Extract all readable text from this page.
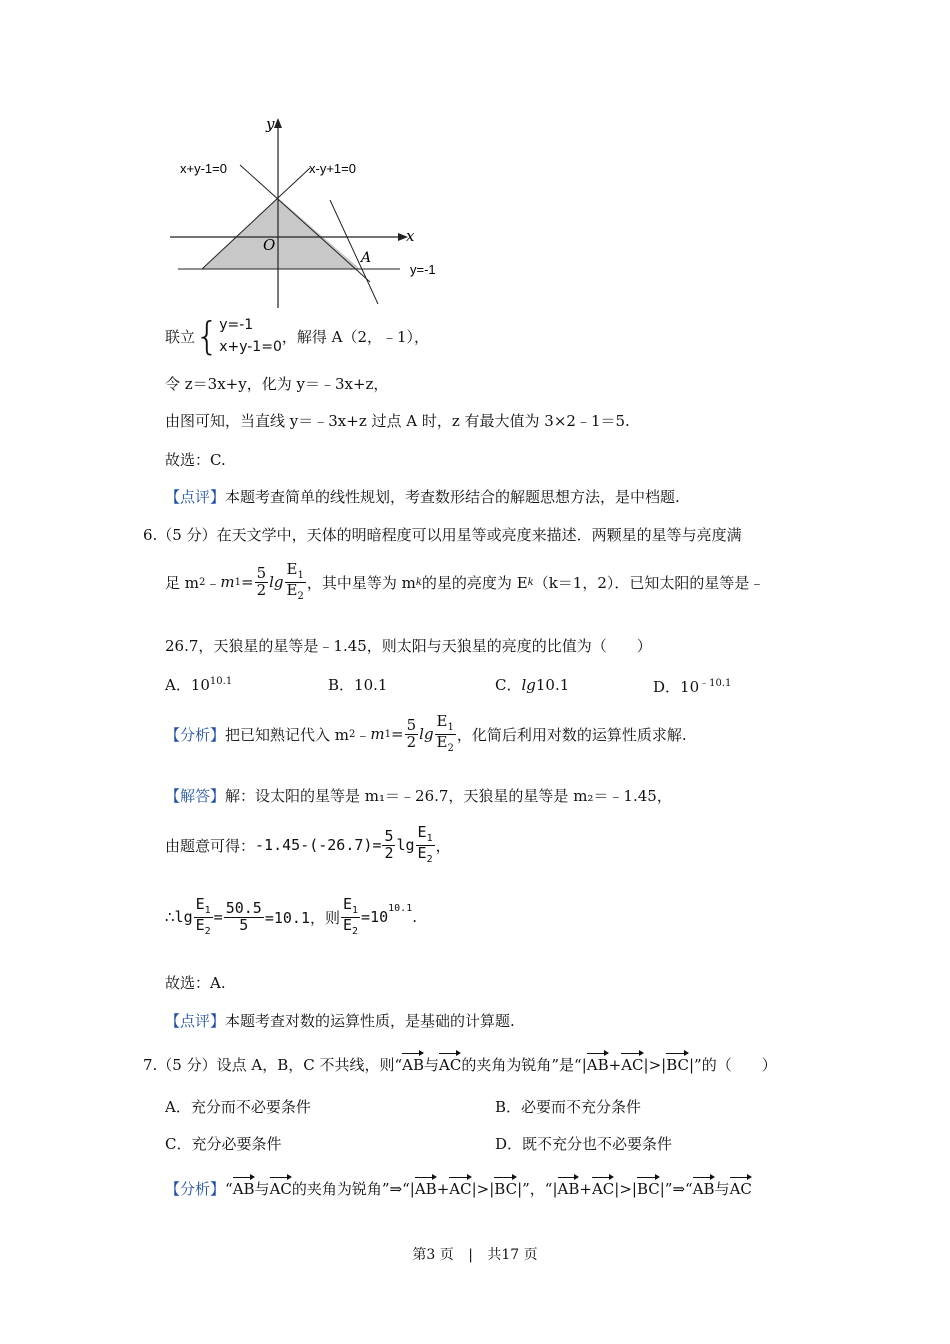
y
x
O
A
x+y-1=0	x-y+1=0
y=-1
联立 { y=-1
x+y-1=0
，解得 A（2，﹣1），
令 z＝3x+y，化为 y＝﹣3x+z，
由图可知，当直线 y＝﹣3x+z 过点 A 时，z 有最大值为 3×2﹣1＝5.
故选：C.
【点评】本题考查简单的线性规划，考查数形结合的解题思想方法，是中档题.
6.（5 分）在天文学中，天体的明暗程度可以用星等或亮度来描述．两颗星的星等与亮度满
足 m 2 ﹣ m $1 = \frac{5}{2}$ $\lg \frac{E_1}{E_2}$ ，其中星等为 m k 的星的亮度为 E k （k＝1，2）．已知太阳的星等是﹣
26.7，天狼星的星等是﹣1.45，则太阳与天狼星的亮度的比值为（　　）
A．$10^{10.1}$	B．10.1	C．lg10.1	D．$10^{﹣10.1}$
【分析】 把已知熟记代入 m 2 ﹣ m $1 = \frac{5}{2}$ $\lg \frac{E_1}{E_2}$ ，化简后利用对数的运算性质求解.
【解答】解：设太阳的星等是 m₁＝﹣26.7，天狼星的星等是 m₂＝﹣1.45，
由题意可得： $-1.45-(-26.7)= \frac{5}{2}$ $\lg \frac{E_1}{E_2}$ ，
∴ $\lg \frac{E_1}{E_2} = \frac{50.5}{5} =10.1$，则 $\frac{E_1}{E_2} =10^{10.1}$ .
故选：A.
【点评】本题考查对数的运算性质，是基础的计算题.
7.（5 分）设点 A，B，C 不共线，则“AB与AC的夹角为锐角”是“|AB+AC|>|BC|”的（　　）
A．充分而不必要条件	B．必要而不充分条件
C．充分必要条件	D．既不充分也不必要条件
【分析】“AB与AC的夹角为锐角”⇒“|AB+AC|>|BC|”，“|AB+AC|>|BC|”⇒“AB与AC
第3 页 | 共17 页
